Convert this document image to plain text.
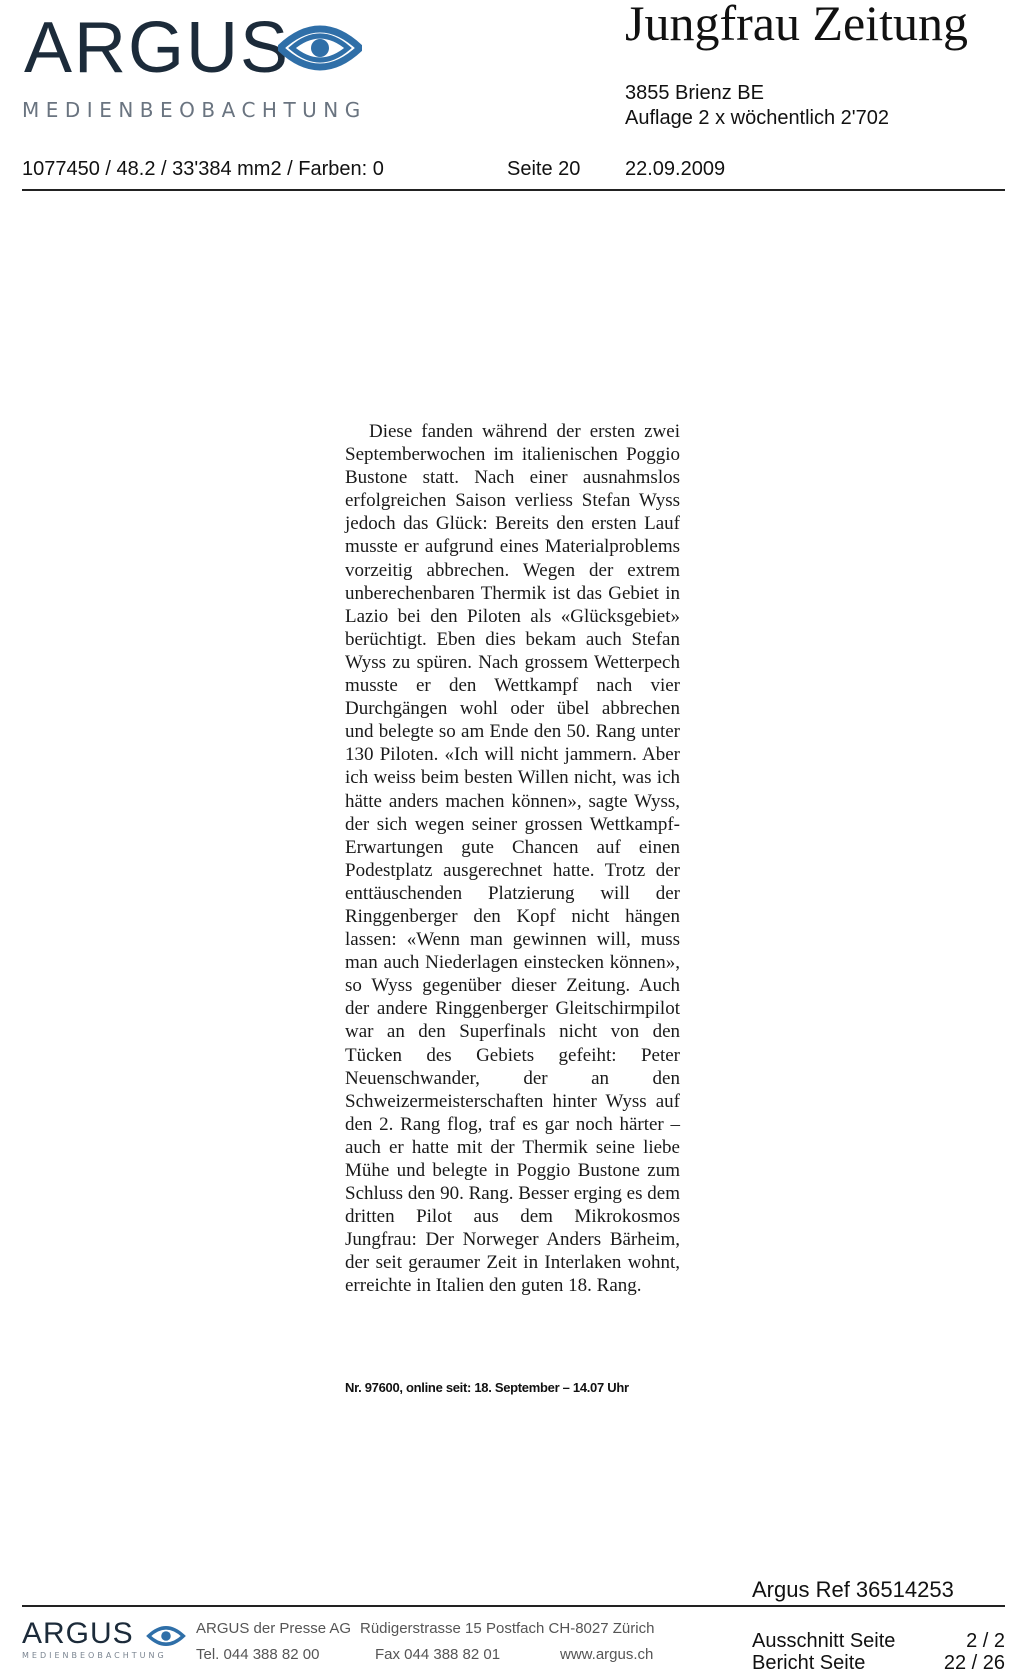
ARGUS
MEDIENBEOBACHTUNG
Jungfrau Zeitung
3855 Brienz BE
Auflage 2 x wöchentlich 2'702
1077450 / 48.2 / 33'384 mm2 / Farben: 0	Seite 20 22.09.2009

Diese fanden während der ersten zwei Septemberwochen im italienischen Poggio Bustone statt. Nach einer ausnahmslos erfolgreichen Saison verliess Stefan Wyss jedoch das Glück: Bereits den ersten Lauf musste er aufgrund eines Materialproblems vorzeitig abbrechen. Wegen der extrem unberechenbaren Thermik ist das Gebiet in Lazio bei den Piloten als «Glücksgebiet» berüchtigt. Eben dies bekam auch Stefan Wyss zu spüren. Nach grossem Wetterpech musste er den Wettkampf nach vier Durchgängen wohl oder übel abbrechen und belegte so am Ende den 50. Rang unter 130 Piloten. «Ich will nicht jammern. Aber ich weiss beim besten Willen nicht, was ich hätte anders machen können», sagte Wyss, der sich wegen seiner grossen Wettkampf-Erwartungen gute Chancen auf einen Podestplatz ausgerechnet hatte. Trotz der enttäuschenden Platzierung will der Ringgenberger den Kopf nicht hängen lassen: «Wenn man gewinnen will, muss man auch Niederlagen einstecken können», so Wyss gegenüber dieser Zeitung. Auch der andere Ringgenberger Gleitschirmpilot war an den Superfinals nicht von den Tücken des Gebiets gefeiht: Peter Neuenschwander, der an den Schweizermeisterschaften hinter Wyss auf den 2. Rang flog, traf es gar noch härter – auch er hatte mit der Thermik seine liebe Mühe und belegte in Poggio Bustone zum Schluss den 90. Rang. Besser erging es dem dritten Pilot aus dem Mikrokosmos Jungfrau: Der Norweger Anders Bärheim, der seit geraumer Zeit in Interlaken wohnt, erreichte in Italien den guten 18. Rang.

Nr. 97600, online seit: 18. September – 14.07 Uhr
Argus Ref 36514253
ARGUS
MEDIENBEOBACHTUNG
ARGUS der Presse AG Rüdigerstrasse 15 Postfach CH-8027 Zürich
Tel. 044 388 82 00	Fax 044 388 82 01	www.argus.ch
Ausschnitt Seite	2 / 2
Bericht Seite	22 / 26
